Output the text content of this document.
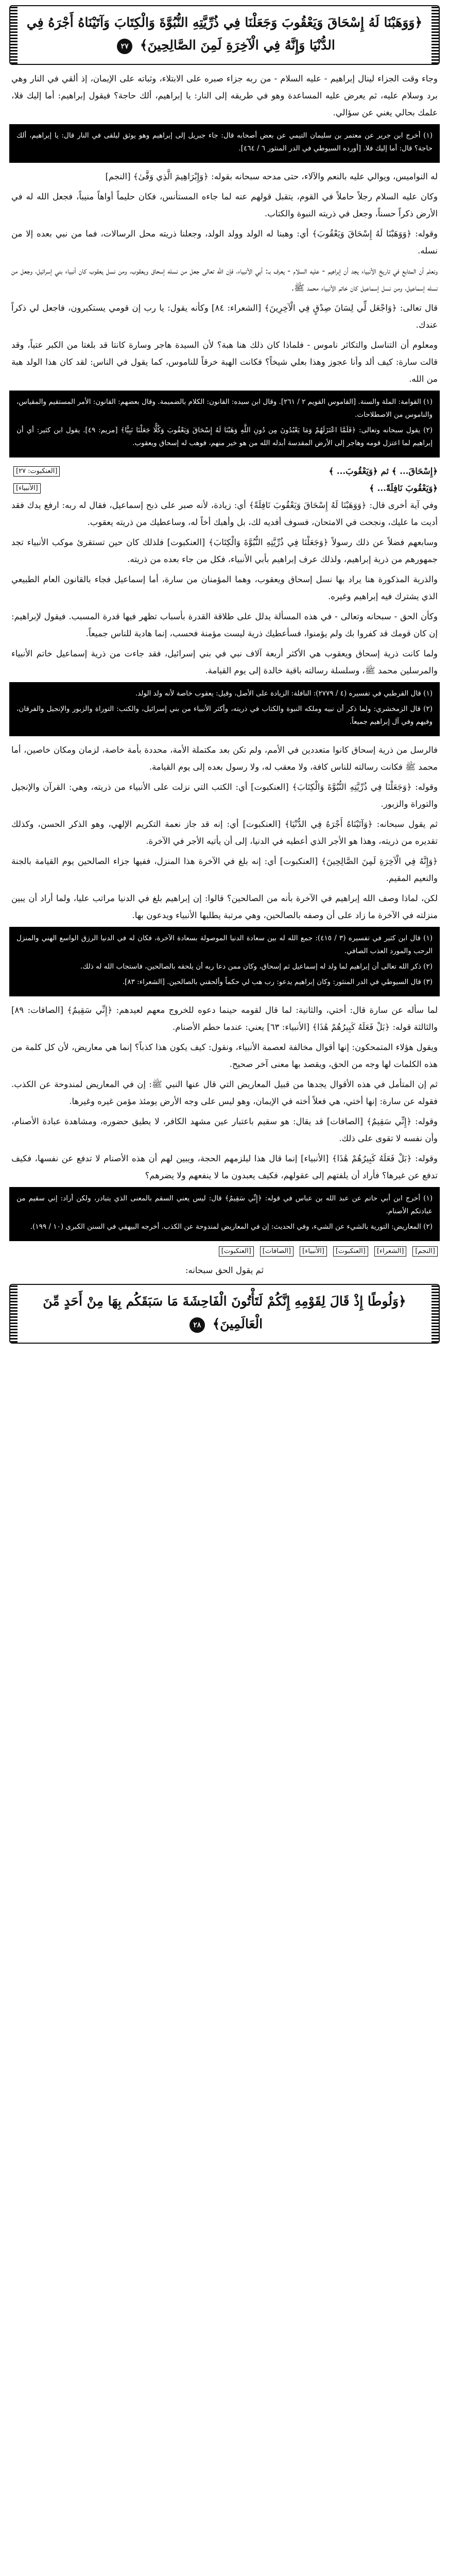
﴿وَوَهَبْنَا لَهُ إِسْحَاقَ وَيَعْقُوبَ وَجَعَلْنَا فِي ذُرِّيَّتِهِ النُّبُوَّةَ وَالْكِتَابَ وَآتَيْنَاهُ أَجْرَهُ فِي الدُّنْيَا وَإِنَّهُ فِي الْآخِرَةِ لَمِنَ الصَّالِحِينَ﴾ ٢٧

وجاء وقت الجزاء لينال إبراهيم - عليه السلام - من ربه جزاء صبره على الابتلاء، وثباته على الإيمان، إذ ألقي في النار وهي برد وسلام عليه، ثم يعرض عليه المساعدة وهو في طريقه إلى النار: يا إبراهيم، ألك حاجة؟ فيقول إبراهيم: أما إليك فلا، علمك بحالي يغني عن سؤالي.

(١) أخرج ابن جرير عن معتمر بن سليمان التيمي عن بعض أصحابه قال: جاء جبريل إلى إبراهيم وهو يوثق ليلقى في النار قال: يا إبراهيم، ألك حاجة؟ قال: أما إليك فلا. [أورده السيوطي في الدر المنثور ٦ / ٤٦٤].

له النواميس، ويوالي عليه بالنعم والآلاء، حتى مدحه سبحانه بقوله: ﴿وَإِبْرَاهِيمَ الَّذِي وَفَّىٰ﴾ [النجم]

وكان عليه السلام رجلاً حاملاً في القوم، يتقبل قولهم عنه لما جاءه المستأنس، فكان حليماً أواهاً منيباً، فجعل الله له في الأرض ذكراً حسناً، وجعل في ذريته النبوة والكتاب.

وقوله: ﴿وَوَهَبْنَا لَهُ إِسْحَاقَ وَيَعْقُوبَ﴾ أي: وهبنا له الولد وولد الولد، وجعلنا ذريته محل الرسالات، فما من نبي بعده إلا من نسله.

ونعلم أن المتابع في تاريخ الأنبياء يجد أن إبراهيم - عليه السلام - يعرف بـ: أبي الأنبياء، فإن الله تعالى جعل من نسله إسحاق ويعقوب، ومن نسل يعقوب كان أنبياء بني إسرائيل، وجعل من نسله إسماعيل، ومن نسل إسماعيل كان خاتم الأنبياء محمد ﷺ.

قال تعالى: ﴿وَاجْعَل لِّي لِسَانَ صِدْقٍ فِي الْآخِرِينَ﴾ [الشعراء: ٨٤] وكأنه يقول: يا رب إن قومي يستكبرون، فاجعل لي ذكراً عندك.

ومعلوم أن التناسل والتكاثر ناموس - فلماذا كان ذلك هنا هبة؟ لأن السيدة هاجر وسارة كانتا قد بلغتا من الكبر عتياً، وقد قالت سارة: كيف ألد وأنا عجوز وهذا بعلي شيخاً؟ فكانت الهبة خرقاً للناموس، كما يقول في الناس: لقد كان هذا الولد هبة من الله.

(١) القوامة: الملة والسنة. [القاموس القويم ٢ / ٢٦١]. وقال ابن سيده: القانون: الكلام بالضميمة. وقال بعضهم: القانون: الأمر المستقيم والمقياس، والناموس من الاصطلاحات.

(٢) يقول سبحانه وتعالى: ﴿فَلَمَّا اعْتَزَلَهُمْ وَمَا يَعْبُدُونَ مِن دُونِ اللَّهِ وَهَبْنَا لَهُ إِسْحَاقَ وَيَعْقُوبَ وَكُلًّا جَعَلْنَا نَبِيًّا﴾ [مريم: ٤٩]. يقول ابن كثير: أي أن إبراهيم لما اعتزل قومه وهاجر إلى الأرض المقدسة أبدله الله من هو خير منهم، فوهب له إسحاق ويعقوب.

﴿إِسْحَاقَ... ﴾ ثم ﴿وَيَعْقُوبَ... ﴾
[العنكبوت: ٢٧]
﴿وَيَعْقُوبَ نَافِلَةً... ﴾
[الأنبياء]

وفي آية أخرى قال: ﴿وَوَهَبْنَا لَهُ إِسْحَاقَ وَيَعْقُوبَ نَافِلَةً﴾ أي: زيادة، لأنه صبر على ذبح إسماعيل، فقال له ربه: ارفع يدك فقد أديت ما عليك، ونجحت في الامتحان، فسوف أفديه لك، بل وأهبك أخاً له، وساعطيك من ذريته يعقوب.

وسابعهم فضلاً عن ذلك رسولاً ﴿وَجَعَلْنَا فِي ذُرِّيَّتِهِ النُّبُوَّةَ وَالْكِتَابَ﴾ [العنكبوت] فلذلك كان حين تستقرئ موكب الأنبياء تجد جمهورهم من ذرية إبراهيم، ولذلك عرف إبراهيم بأبي الأنبياء، فكل من جاء بعده من ذريته.

والذرية المذكورة هنا يراد بها نسل إسحاق ويعقوب، وهما المؤمنان من سارة، أما إسماعيل فجاء بالقانون العام الطبيعي الذي يشترك فيه إبراهيم وغيره.

وكأن الحق - سبحانه وتعالى - في هذه المسألة يدلل على طلاقة القدرة بأسباب تظهر فيها قدرة المسبب. فيقول لإبراهيم: إن كان قومك قد كفروا بك ولم يؤمنوا، فسأعطيك ذرية ليست مؤمنة فحسب، إنما هادية للناس جميعاً.

ولما كانت ذرية إسحاق ويعقوب هي الأكثر أربعة آلاف نبي في بني إسرائيل، فقد جاءت من ذرية إسماعيل خاتم الأنبياء والمرسلين محمد ﷺ، وسلسلة رسالته باقية خالدة إلى يوم القيامة.

(١) قال القرطبي في تفسيره (٤ / ٢٧٧٩): النافلة: الزيادة على الأصل، وقيل: يعقوب خاصة لأنه ولد الولد.

(٢) قال الزمخشري: ولما ذكر أن نبيه وملكه النبوة والكتاب في ذريته، وأكثر الأنبياء من بني إسرائيل، والكتب: التوراة والزبور والإنجيل والفرقان، وفيهم وفي آل إبراهيم جميعاً.

فالرسل من ذرية إسحاق كانوا متعددين في الأمم، ولم تكن بعد مكتملة الأمة، محددة بأمة خاصة، لزمان ومكان خاصين، أما محمد ﷺ فكانت رسالته للناس كافة، ولا معقب له، ولا رسول بعده إلى يوم القيامة.

وقوله: ﴿وَجَعَلْنَا فِي ذُرِّيَّتِهِ النُّبُوَّةَ وَالْكِتَابَ﴾ [العنكبوت] أي: الكتب التي نزلت على الأنبياء من ذريته، وهي: القرآن والإنجيل والتوراة والزبور.

ثم يقول سبحانه: ﴿وَآتَيْنَاهُ أَجْرَهُ فِي الدُّنْيَا﴾ [العنكبوت] أي: إنه قد جاز نعمة التكريم الإلهي، وهو الذكر الحسن، وكذلك تقديره من ذريته، وهذا هو الأجر الذي أعطيه في الدنيا، إلى أن يأتيه الأجر في الآخرة.

﴿وَإِنَّهُ فِي الْآخِرَةِ لَمِنَ الصَّالِحِينَ﴾ [العنكبوت] أي: إنه بلغ في الآخرة هذا المنزل، ففيها جزاء الصالحين يوم القيامة بالجنة والنعيم المقيم.

لكن، لماذا وصف الله إبراهيم في الآخرة بأنه من الصالحين؟ قالوا: إن إبراهيم بلغ في الدنيا مراتب عليا، ولما أراد أن يبين منزلته في الآخرة ما زاد على أن وصفه بالصالحين، وهي مرتبة يطلبها الأنبياء ويدعون بها.

(١) قال ابن كثير في تفسيره (٣ / ٤١٥): جمع الله له بين سعادة الدنيا الموصولة بسعادة الآخرة، فكان له في الدنيا الرزق الواسع الهني والمنزل الرحب والمورد العذب الصافي.

(٢) ذكر الله تعالى أن إبراهيم لما ولد له إسماعيل ثم إسحاق، وكان ممن دعا ربه أن يلحقه بالصالحين، فاستجاب الله له ذلك.

(٣) قال السيوطي في الدر المنثور: وكان إبراهيم يدعو: رب هب لي حكماً وألحقني بالصالحين. [الشعراء: ٨٣].

لما سأله عن سارة قال: أختي، والثانية: لما قال لقومه حينما دعوه للخروج معهم لعيدهم: ﴿إِنِّي سَقِيمٌ﴾ [الصافات: ٨٩] والثالثة قوله: ﴿بَلْ فَعَلَهُ كَبِيرُهُمْ هَٰذَا﴾ [الأنبياء: ٦٣] يعني: عندما حطم الأصنام.

ويقول هؤلاء المتمحكون: إنها أقوال مخالفة لعصمة الأنبياء، ونقول: كيف يكون هذا كذباً؟ إنما هي معاريض، لأن كل كلمة من هذه الكلمات لها وجه من الحق، ويقصد بها معنى آخر صحيح.

ثم إن المتأمل في هذه الأقوال يجدها من قبيل المعاريض التي قال عنها النبي ﷺ: إن في المعاريض لمندوحة عن الكذب. فقوله عن سارة: إنها أختي، هي فعلاً أخته في الإيمان، وهو ليس على وجه الأرض يومئذ مؤمن غيره وغيرها.

وقوله: ﴿إِنِّي سَقِيمٌ﴾ [الصافات] قد يقال: هو سقيم باعتبار عين مشهد الكافر، لا يطيق حضوره، ومشاهدة عبادة الأصنام، وأن نفسه لا تقوى على ذلك.

وقوله: ﴿بَلْ فَعَلَهُ كَبِيرُهُمْ هَٰذَا﴾ [الأنبياء] إنما قال هذا ليلزمهم الحجة، ويبين لهم أن هذه الأصنام لا تدفع عن نفسها، فكيف تدفع عن غيرها؟ فأراد أن يلفتهم إلى عقولهم، فكيف يعبدون ما لا ينفعهم ولا يضرهم؟

(١) أخرج ابن أبي حاتم عن عبد الله بن عباس في قوله: ﴿إِنِّي سَقِيمٌ﴾ قال: ليس يعني السقم بالمعنى الذي يتبادر، ولكن أراد: إني سقيم من عبادتكم الأصنام.

(٢) المعاريض: التورية بالشيء عن الشيء، وفي الحديث: إن في المعاريض لمندوحة عن الكذب. أخرجه البيهقي في السنن الكبرى (١٠ / ١٩٩).

[النجم]
[الشعراء]
[العنكبوت]
[الأنبياء]
[الصافات]
[العنكبوت]

ثم يقول الحق سبحانه:

﴿وَلُوطًا إِذْ قَالَ لِقَوْمِهِ إِنَّكُمْ لَتَأْتُونَ الْفَاحِشَةَ مَا سَبَقَكُم بِهَا مِنْ أَحَدٍ مِّنَ الْعَالَمِينَ﴾ ٢٨
